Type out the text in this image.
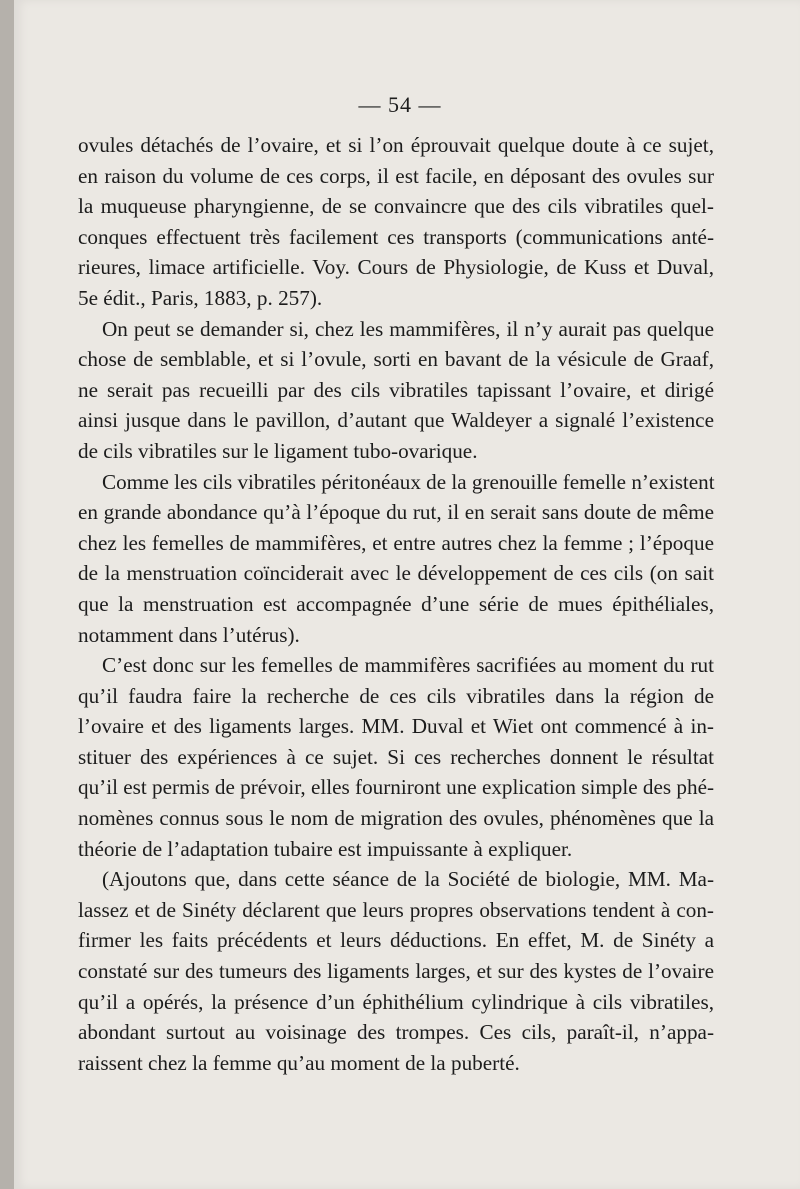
— 54 —
ovules détachés de l’ovaire, et si l’on éprouvait quelque doute à ce sujet,
en raison du volume de ces corps, il est facile, en déposant des ovules sur
la muqueuse pharyngienne, de se convaincre que des cils vibratiles quel-
conques effectuent très facilement ces transports (communications anté-
rieures, limace artificielle. Voy. Cours de Physiologie, de Kuss et Duval,
5e édit., Paris, 1883, p. 257).
On peut se demander si, chez les mammifères, il n’y aurait pas quelque
chose de semblable, et si l’ovule, sorti en bavant de la vésicule de Graaf,
ne serait pas recueilli par des cils vibratiles tapissant l’ovaire, et dirigé
ainsi jusque dans le pavillon, d’autant que Waldeyer a signalé l’existence
de cils vibratiles sur le ligament tubo-ovarique.
Comme les cils vibratiles péritonéaux de la grenouille femelle n’existent
en grande abondance qu’à l’époque du rut, il en serait sans doute de même
chez les femelles de mammifères, et entre autres chez la femme ; l’époque
de la menstruation coïnciderait avec le développement de ces cils (on sait
que la menstruation est accompagnée d’une série de mues épithéliales,
notamment dans l’utérus).
C’est donc sur les femelles de mammifères sacrifiées au moment du rut
qu’il faudra faire la recherche de ces cils vibratiles dans la région de
l’ovaire et des ligaments larges. MM. Duval et Wiet ont commencé à in-
stituer des expériences à ce sujet. Si ces recherches donnent le résultat
qu’il est permis de prévoir, elles fourniront une explication simple des phé-
nomènes connus sous le nom de migration des ovules, phénomènes que la
théorie de l’adaptation tubaire est impuissante à expliquer.
(Ajoutons que, dans cette séance de la Société de biologie, MM. Ma-
lassez et de Sinéty déclarent que leurs propres observations tendent à con-
firmer les faits précédents et leurs déductions. En effet, M. de Sinéty a
constaté sur des tumeurs des ligaments larges, et sur des kystes de l’ovaire
qu’il a opérés, la présence d’un éphithélium cylindrique à cils vibratiles,
abondant surtout au voisinage des trompes. Ces cils, paraît-il, n’appa-
raissent chez la femme qu’au moment de la puberté.
